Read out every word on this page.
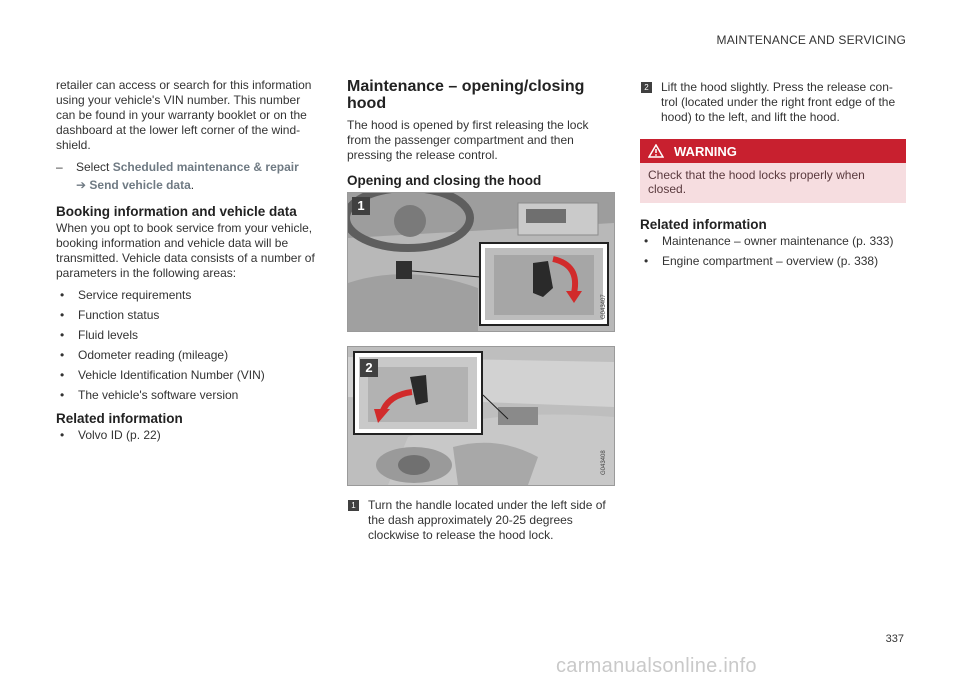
MAINTENANCE AND SERVICING

retailer can access or search for this information using your vehicle's VIN number. This number can be found in your warranty booklet or on the dashboard at the lower left corner of the wind-shield.

–	Select Scheduled maintenance & repair
➔ Send vehicle data.
Booking information and vehicle data

When you opt to book service from your vehicle, booking information and vehicle data will be transmitted. Vehicle data consists of a number of parameters in the following areas:

• Service requirements
• Function status
• Fluid levels
• Odometer reading (mileage)
• Vehicle Identification Number (VIN)
• The vehicle's software version
Related information
• Volvo ID (p. 22)
Maintenance – opening/closing hood

The hood is opened by first releasing the lock from the passenger compartment and then pressing the release control.

Opening and closing the hood
1
G043407
2
G043408
1 Turn the handle located under the left side of the dash approximately 20-25 degrees clockwise to release the hood lock.

2 Lift the hood slightly. Press the release con-trol (located under the right front edge of the hood) to the left, and lift the hood.

WARNING
Check that the hood locks properly when closed.
Related information
• Maintenance – owner maintenance (p. 333)
• Engine compartment – overview (p. 338)
337
carmanualsonline.info
